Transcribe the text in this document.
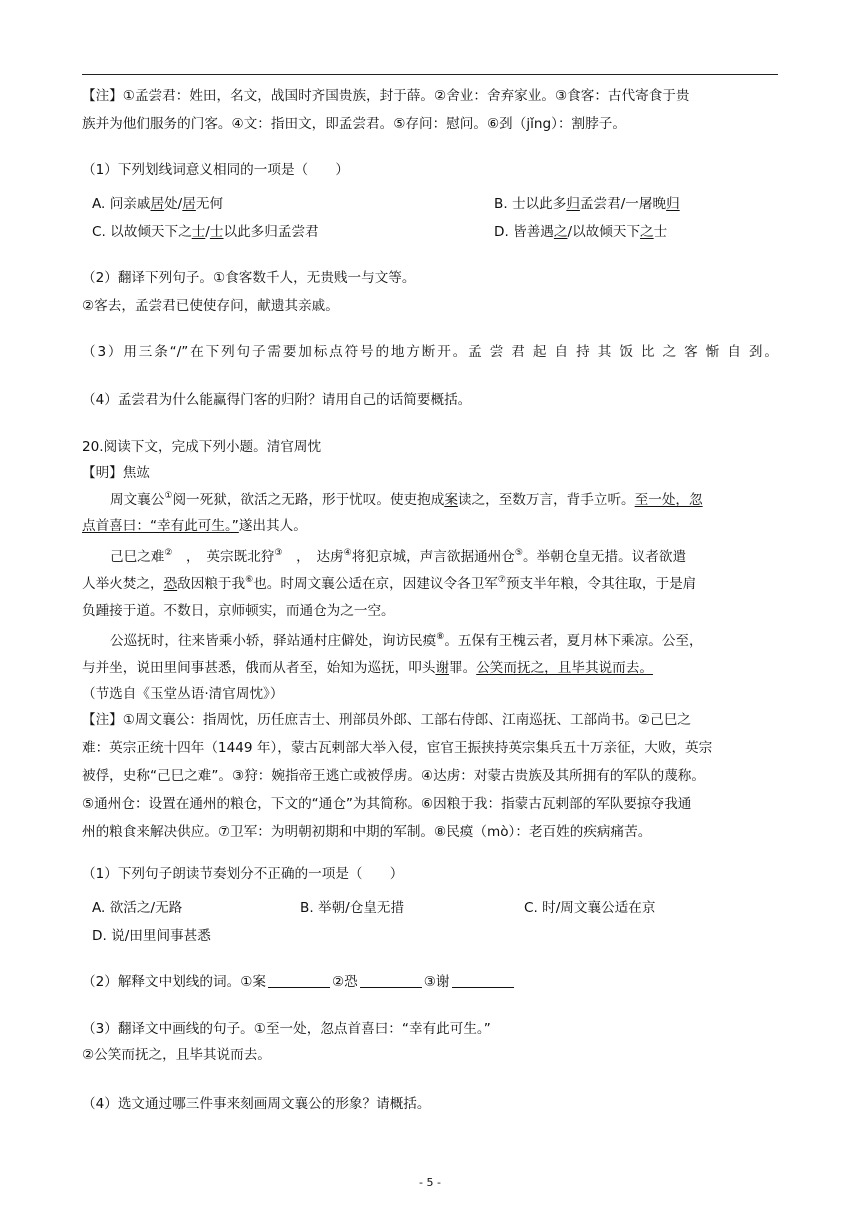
【注】①孟尝君：姓田，名文，战国时齐国贵族，封于薛。②舍业：舍弃家业。③食客：古代寄食于贵
族并为他们服务的门客。④文：指田文，即孟尝君。⑤存问：慰问。⑥刭（jǐng）：割脖子。
（1）下列划线词意义相同的一项是（　　）
A. 问亲戚居处/居无何	B. 士以此多归孟尝君/一屠晚归
C. 以故倾天下之士/士以此多归孟尝君	D. 皆善遇之/以故倾天下之士
（2）翻译下列句子。①食客数千人，无贵贱一与文等。
②客去，孟尝君已使使存问，献遗其亲戚。
（3）用三条“/”在下列句子需要加标点符号的地方断开。孟 尝 君 起 自 持 其 饭 比 之 客 惭 自 刭。
（4）孟尝君为什么能赢得门客的归附？请用自己的话简要概括。
20.阅读下文，完成下列小题。清官周忱
【明】焦竑
周文襄公①阅一死狱，欲活之无路，形于忧叹。使吏抱成案读之，至数万言，背手立听。至一处，忽
点首喜曰：“幸有此可生。”遂出其人。
己巳之难②　，　英宗既北狩③　，　达虏④将犯京城，声言欲据通州仓⑤。举朝仓皇无措。议者欲遣
人举火焚之，恐敌因粮于我⑥也。时周文襄公适在京，因建议令各卫军⑦预支半年粮，令其往取，于是肩
负踵接于道。不数日，京师顿实，而通仓为之一空。
公巡抚时，往来皆乘小轿，驿站通村庄僻处，询访民瘼⑧。五保有王槐云者，夏月林下乘凉。公至，
与并坐，说田里间事甚悉，俄而从者至，始知为巡抚，叩头谢罪。公笑而抚之，且毕其说而去。
（节选自《玉堂丛语·清官周忱》）
【注】①周文襄公：指周忱，历任庶吉士、刑部员外郎、工部右侍郎、江南巡抚、工部尚书。②己巳之
难：英宗正统十四年（1449 年），蒙古瓦剌部大举入侵，宦官王振挟持英宗集兵五十万亲征，大败，英宗
被俘，史称“己巳之难”。③狩：婉指帝王逃亡或被俘虏。④达虏：对蒙古贵族及其所拥有的军队的蔑称。
⑤通州仓：设置在通州的粮仓，下文的“通仓”为其简称。⑥因粮于我：指蒙古瓦剌部的军队要掠夺我通
州的粮食来解决供应。⑦卫军：为明朝初期和中期的军制。⑧民瘼（mò）：老百姓的疾病痛苦。
（1）下列句子朗读节奏划分不正确的一项是（　　）
A. 欲活之/无路	B. 举朝/仓皇无措	C. 时/周文襄公适在京
D. 说/田里间事甚悉
（2）解释文中划线的词。①案	②恐	③谢
（3）翻译文中画线的句子。①至一处，忽点首喜曰：“幸有此可生。”
②公笑而抚之，且毕其说而去。
（4）选文通过哪三件事来刻画周文襄公的形象？请概括。
- 5 -
